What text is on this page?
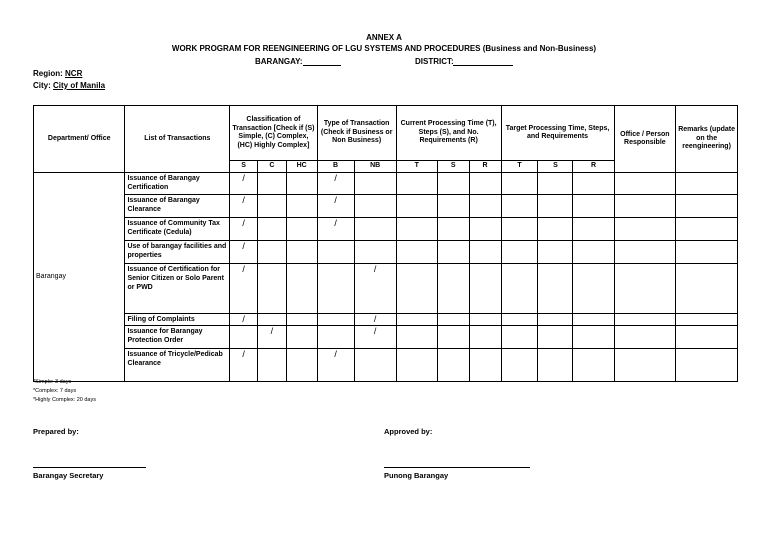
ANNEX A
WORK PROGRAM FOR REENGINEERING OF LGU SYSTEMS AND PROCEDURES (Business and Non-Business)
BARANGAY:	DISTRICT:
Region: NCR
City: City of Manila
Department/ Office	List of Transactions	Classification of Transaction [Check if (S) Simple, (C) Complex, (HC) Highly Complex]			Type of Transaction (Check if Business or Non Business)		Current Processing Time (T), Steps (S), and No. Requirements (R)			Target Processing Time, Steps, and Requirements			Office / Person Responsible	Remarks (update on the reengineering)
		S	C	HC	B	NB	T	S	R	T	S	R		
Barangay	Issuance of Barangay Certification	/			/									
	Issuance of Barangay Clearance	/			/									
	Issuance of Community Tax Certificate (Cedula)	/			/									
	Use of barangay facilities and properties	/												
	Issuance of Certification for Senior Citizen or Solo Parent or PWD	/				/								
	Filing of Complaints	/				/								
	Issuance for Barangay Protection Order		/			/								
	Issuance of Tricycle/Pedicab Clearance	/			/									
*Simple: 3 days
*Complex: 7 days
*Highly Complex: 20 days
Prepared by:	Approved by:
Barangay Secretary	Punong Barangay
